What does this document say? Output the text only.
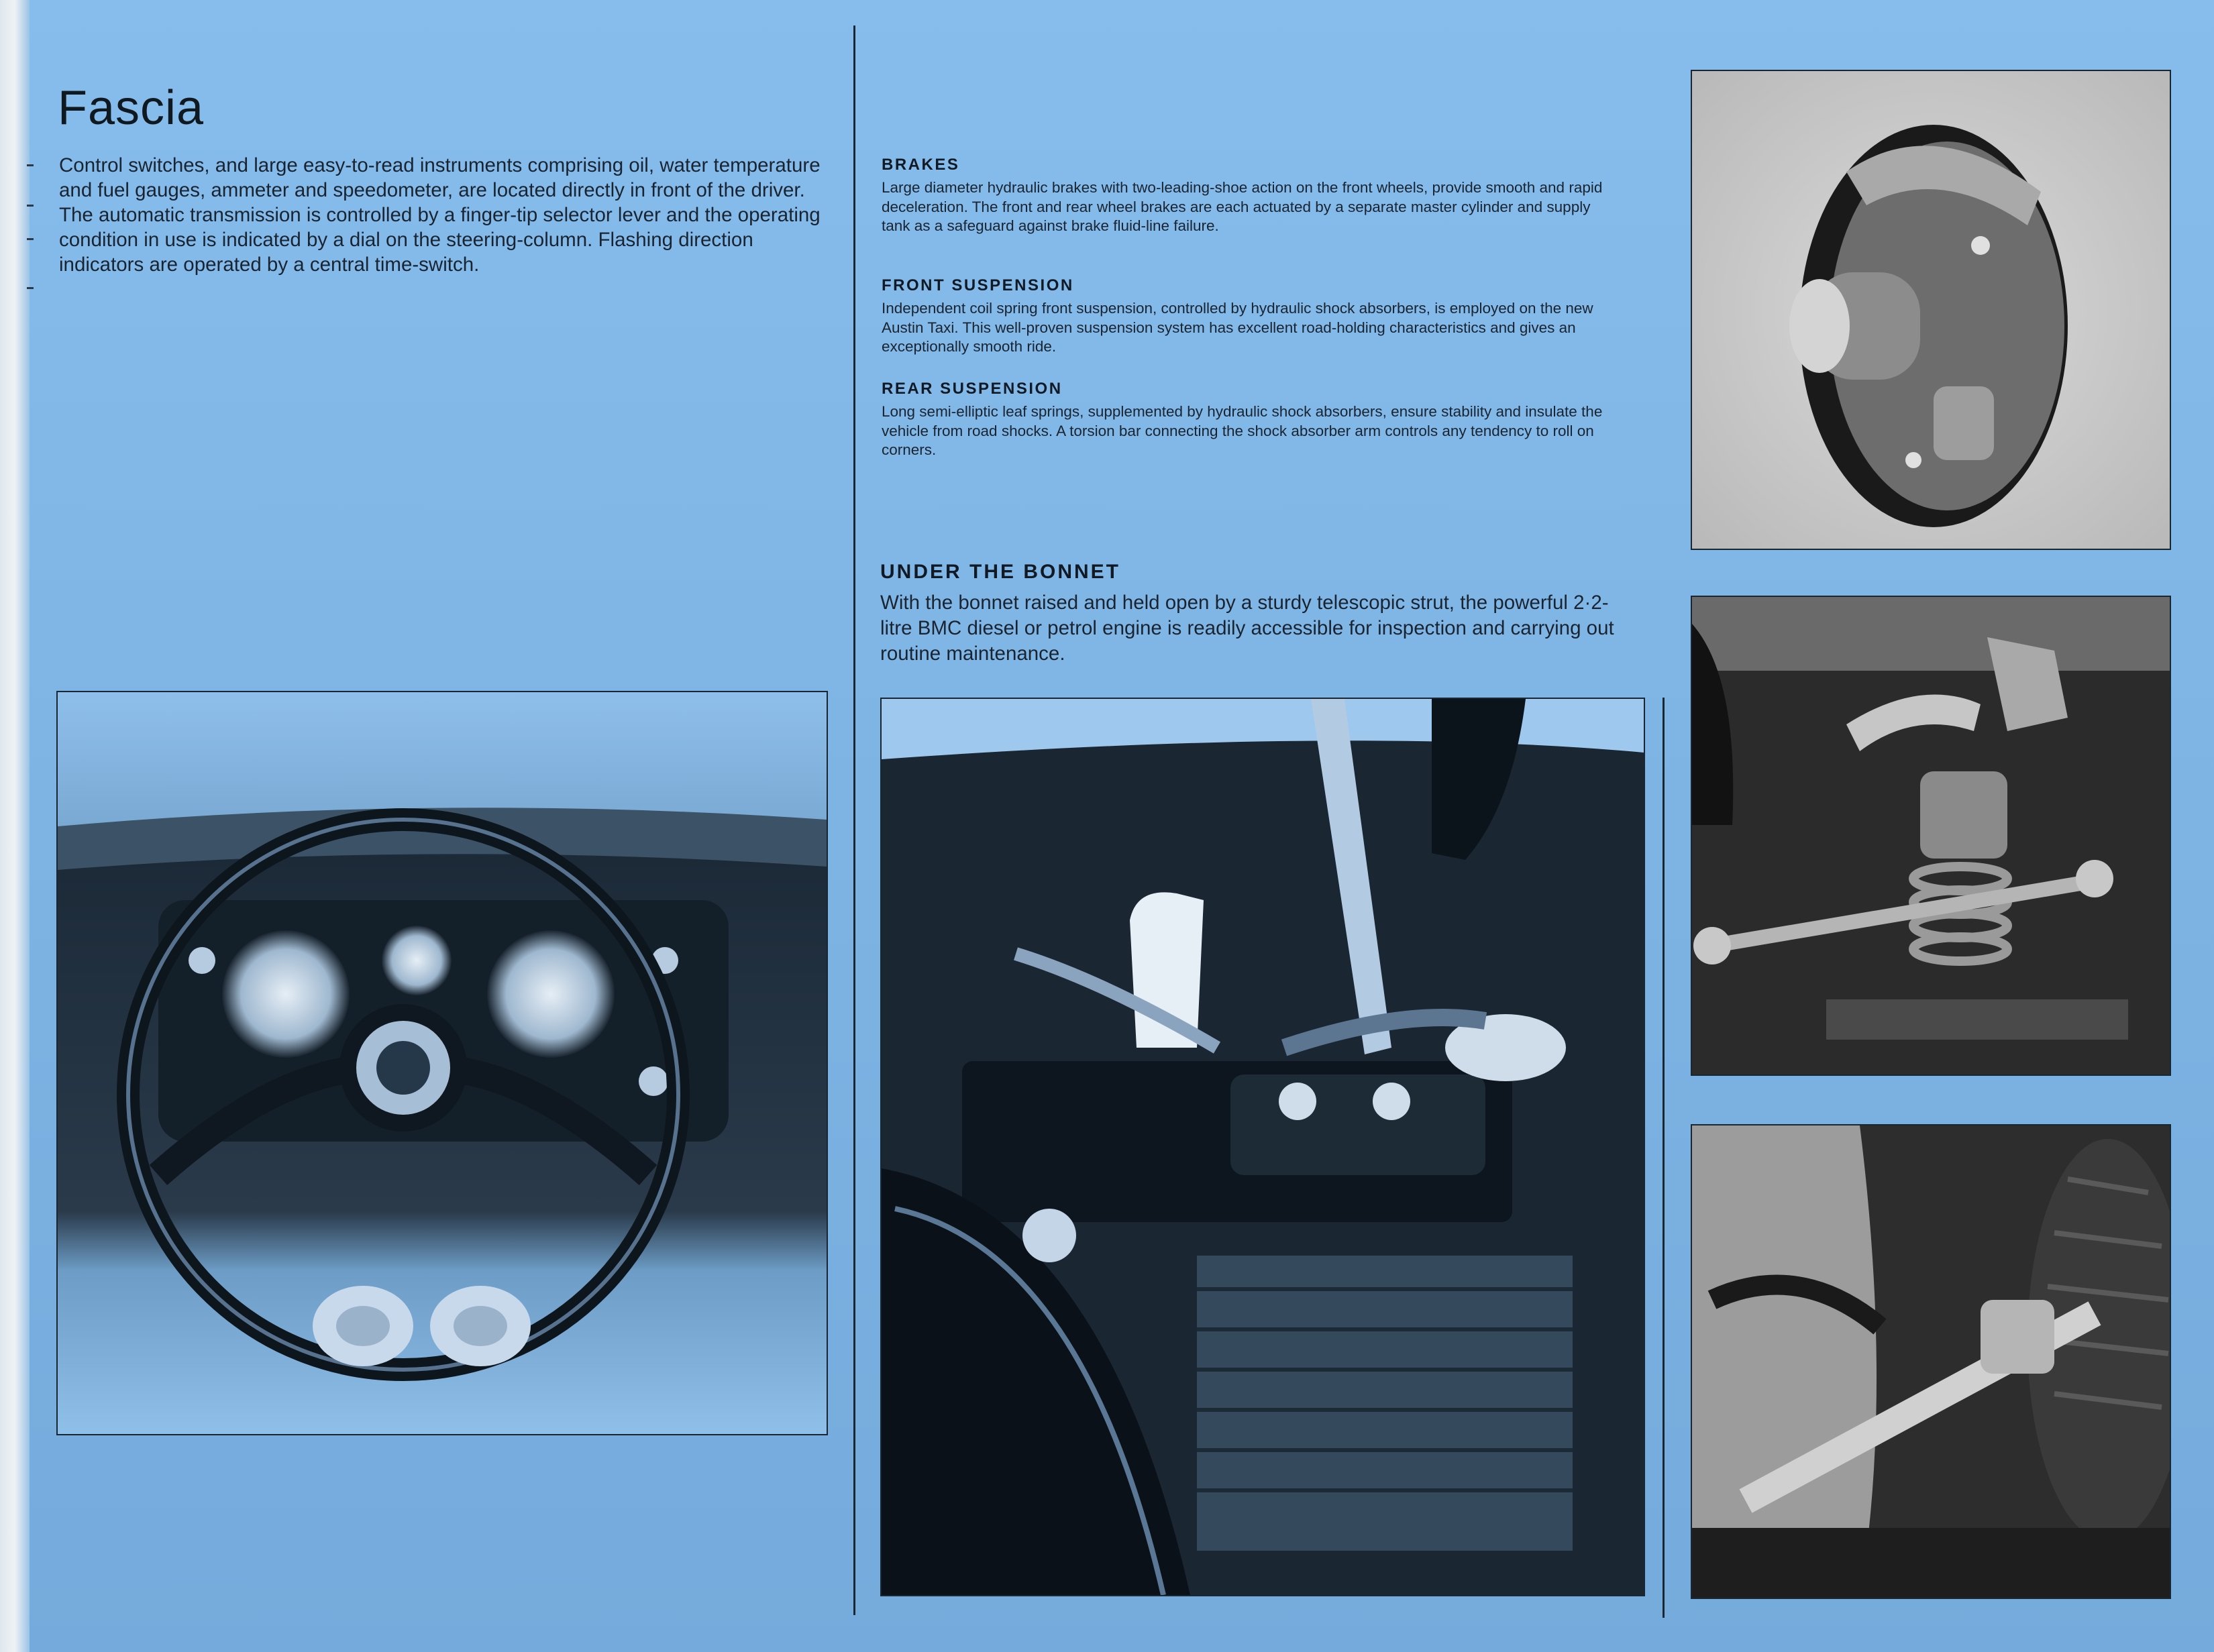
Fascia

Control switches, and large easy-to-read instruments comprising oil, water temperature and fuel gauges, ammeter and speedometer, are located directly in front of the driver. The automatic transmission is controlled by a finger-tip selector lever and the operating condition in use is indicated by a dial on the steering-column. Flashing direction indicators are operated by a central time-switch.

BRAKES

Large diameter hydraulic brakes with two-leading-shoe action on the front wheels, provide smooth and rapid deceleration. The front and rear wheel brakes are each actuated by a separate master cylinder and supply tank as a safeguard against brake fluid-line failure.

FRONT SUSPENSION

Independent coil spring front suspension, controlled by hydraulic shock absorbers, is employed on the new Austin Taxi. This well-proven suspension system has excellent road-holding characteristics and gives an exceptionally smooth ride.

REAR SUSPENSION

Long semi-elliptic leaf springs, supplemented by hydraulic shock absorbers, ensure stability and insulate the vehicle from road shocks. A torsion bar connecting the shock absorber arm controls any tendency to roll on corners.

UNDER THE BONNET

With the bonnet raised and held open by a sturdy telescopic strut, the powerful 2·2-litre BMC diesel or petrol engine is readily accessible for inspection and carrying out routine maintenance.
